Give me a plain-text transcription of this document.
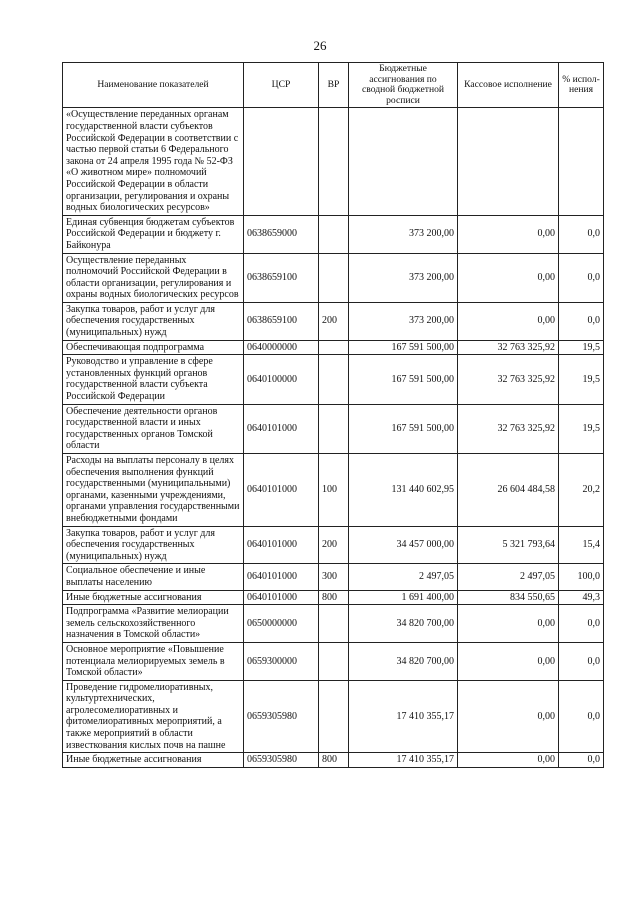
26
Наименование показателей	ЦСР	ВР	Бюджетные ассигнования по сводной бюджетной росписи	Кассовое исполнение	% испол-нения
«Осуществление переданных органам государственной власти субъектов Российской Федерации в соответствии с частью первой статьи 6 Федерального закона от 24 апреля 1995 года № 52-ФЗ «О животном мире» полномочий Российской Федерации в области организации, регулирования и охраны водных биологических ресурсов»					
Единая субвенция бюджетам субъектов Российской Федерации и бюджету г. Байконура	0638659000		373 200,00	0,00	0,0
Осуществление переданных полномочий Российской Федерации в области организации, регулирования и охраны водных биологических ресурсов	0638659100		373 200,00	0,00	0,0
Закупка товаров, работ и услуг для обеспечения государственных (муниципальных) нужд	0638659100	200	373 200,00	0,00	0,0
Обеспечивающая подпрограмма	0640000000		167 591 500,00	32 763 325,92	19,5
Руководство и управление в сфере установленных функций органов государственной власти субъекта Российской Федерации	0640100000		167 591 500,00	32 763 325,92	19,5
Обеспечение деятельности органов государственной власти и иных государственных органов Томской области	0640101000		167 591 500,00	32 763 325,92	19,5
Расходы на выплаты персоналу в целях обеспечения выполнения функций государственными (муниципальными) органами, казенными учреждениями, органами управления государственными внебюджетными фондами	0640101000	100	131 440 602,95	26 604 484,58	20,2
Закупка товаров, работ и услуг для обеспечения государственных (муниципальных) нужд	0640101000	200	34 457 000,00	5 321 793,64	15,4
Социальное обеспечение и иные выплаты населению	0640101000	300	2 497,05	2 497,05	100,0
Иные бюджетные ассигнования	0640101000	800	1 691 400,00	834 550,65	49,3
Подпрограмма «Развитие мелиорации земель сельскохозяйственного назначения в Томской области»	0650000000		34 820 700,00	0,00	0,0
Основное мероприятие «Повышение потенциала мелиорируемых земель в Томской области»	0659300000		34 820 700,00	0,00	0,0
Проведение гидромелиоративных, культуртехнических, агролесомелиоративных и фитомелиоративных мероприятий, а также мероприятий в области известкования кислых почв на пашне	0659305980		17 410 355,17	0,00	0,0
Иные бюджетные ассигнования	0659305980	800	17 410 355,17	0,00	0,0
